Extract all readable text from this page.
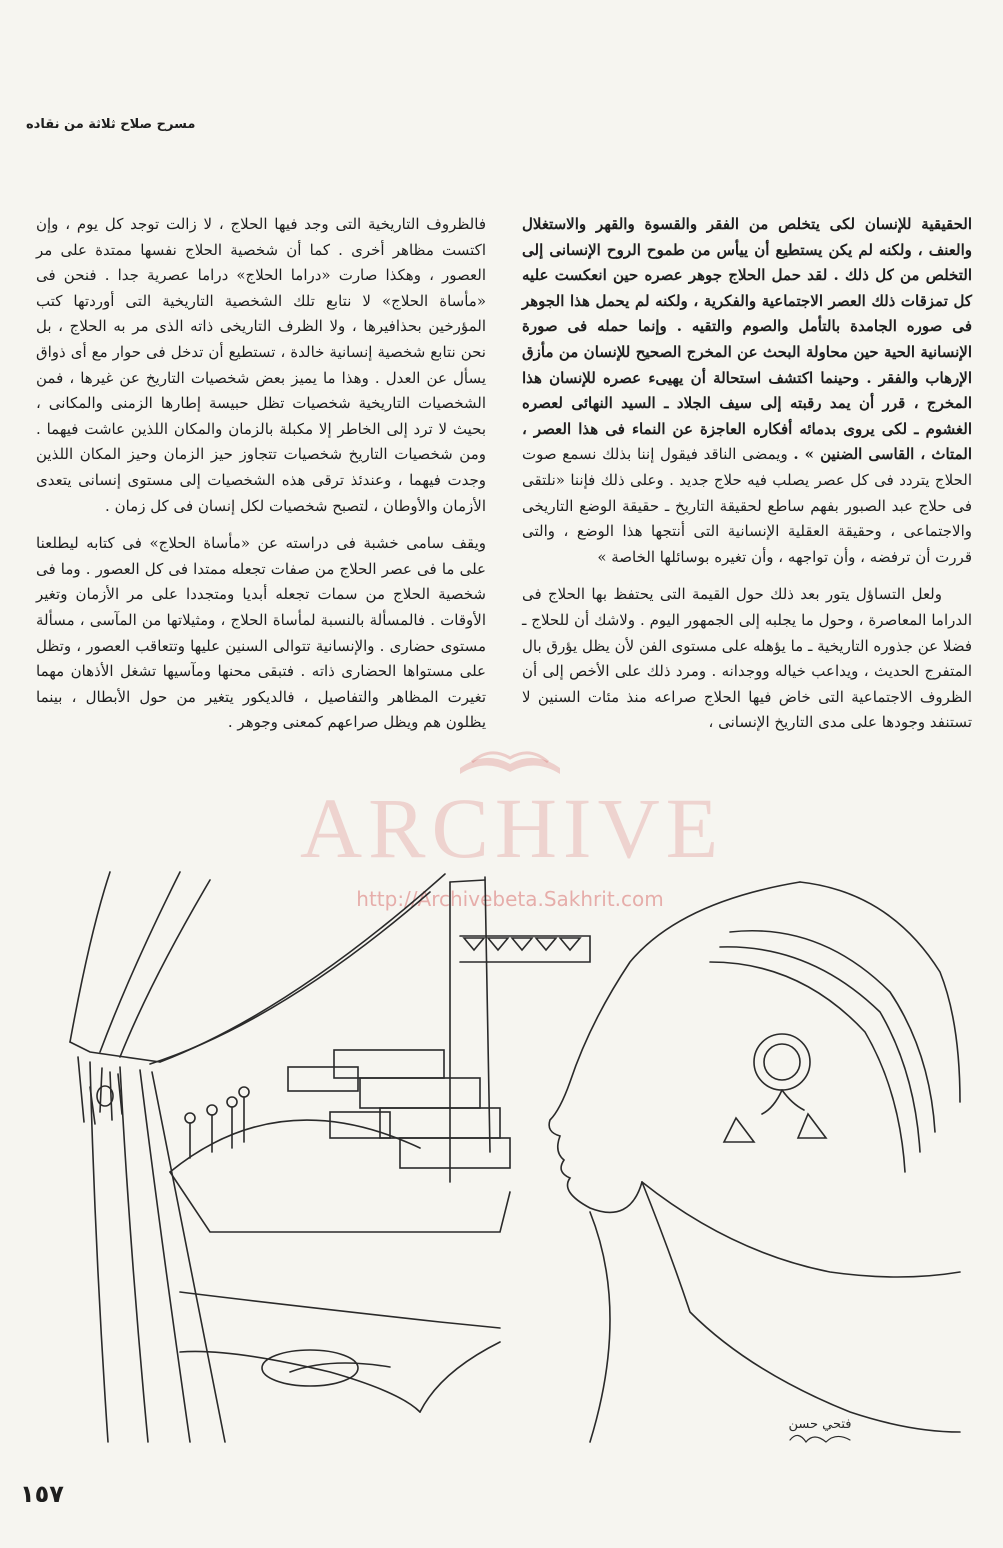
مسرح صلاح ثلاثة من نقاده

الحقيقية للإنسان لكى يتخلص من الفقر والقسوة والقهر والاستغلال والعنف ، ولكنه لم يكن يستطيع أن ييأس من طموح الروح الإنسانى إلى التخلص من كل ذلك . لقد حمل الحلاج جوهر عصره حين انعكست عليه كل تمزقات ذلك العصر الاجتماعية والفكرية ، ولكنه لم يحمل هذا الجوهر فى صوره الجامدة بالتأمل والصوم والتقيه . وإنما حمله فى صورة الإنسانية الحية حين محاولة البحث عن المخرج الصحيح للإنسان من مأزق الإرهاب والفقر . وحينما اكتشف استحالة أن يهيىء عصره للإنسان هذا المخرج ، قرر أن يمد رقبته إلى سيف الجلاد ـ السيد النهائى لعصره الغشوم ـ لكى يروى بدمائه أفكاره العاجزة عن النماء فى هذا العصر ، المتاث ، القاسى الضنين » . ويمضى الناقد فيقول إننا بذلك نسمع صوت الحلاج يتردد فى كل عصر يصلب فيه حلاج جديد . وعلى ذلك فإننا «نلتقى فى حلاج عبد الصبور بفهم ساطع لحقيقة التاريخ ـ حقيقة الوضع التاريخى والاجتماعى ، وحقيقة العقلية الإنسانية التى أنتجها هذا الوضع ، والتى قررت أن ترفضه ، وأن تواجهه ، وأن تغيره بوسائلها الخاصة »

  ولعل التساؤل يتور بعد ذلك حول القيمة التى يحتفظ بها الحلاج فى الدراما المعاصرة ، وحول ما يجلبه إلى الجمهور اليوم . ولاشك أن للحلاج ـ فضلا عن جذوره التاريخية ـ ما يؤهله على مستوى الفن لأن يظل يؤرق بال المتفرج الحديث ، ويداعب خياله ووجدانه . ومرد ذلك على الأخص إلى أن الظروف الاجتماعية التى خاض فيها الحلاج صراعه منذ مئات السنين لا تستنفد وجودها على مدى التاريخ الإنسانى ،

فالظروف التاريخية التى وجد فيها الحلاج ، لا زالت توجد كل يوم ، وإن اكتست مظاهر أخرى . كما أن شخصية الحلاج نفسها ممتدة على مر العصور ، وهكذا صارت «دراما الحلاج» دراما عصرية جدا . فنحن فى «مأساة الحلاج» لا نتابع تلك الشخصية التاريخية التى أوردتها كتب المؤرخين بحذافيرها ، ولا الظرف التاريخى ذاته الذى مر به الحلاج ، بل نحن نتابع شخصية إنسانية خالدة ، تستطيع أن تدخل فى حوار مع أى ذواق يسأل عن العدل . وهذا ما يميز بعض شخصيات التاريخ عن غيرها ، فمن الشخصيات التاريخية شخصيات تظل حبيسة إطارها الزمنى والمكانى ، بحيث لا ترد إلى الخاطر إلا مكبلة بالزمان والمكان اللذين عاشت فيهما . ومن شخصيات التاريخ شخصيات تتجاوز حيز الزمان وحيز المكان اللذين وجدت فيهما ، وعندئذ ترقى هذه الشخصيات إلى مستوى إنسانى يتعدى الأزمان والأوطان ، لتصبح شخصيات لكل إنسان فى كل زمان .

ويقف سامى خشبة فى دراسته عن «مأساة الحلاج» فى كتابه ليطلعنا على ما فى عصر الحلاج من صفات تجعله ممتدا فى كل العصور . وما فى شخصية الحلاج من سمات تجعله أبديا ومتجددا على مر الأزمان وتغير الأوقات . فالمسألة بالنسبة لمأساة الحلاج ، ومثيلاتها من المآسى ، مسألة مستوى حضارى . والإنسانية تتوالى السنين عليها وتتعاقب العصور ، وتظل على مستواها الحضارى ذاته . فتبقى محنها ومآسيها تشغل الأذهان مهما تغيرت المظاهر والتفاصيل ، فالديكور يتغير من حول الأبطال ، بينما يظلون هم ويظل صراعهم كمعنى وجوهر .

ARCHIVE
http://Archivebeta.Sakhrit.com
فتحي حسن
١٥٧
